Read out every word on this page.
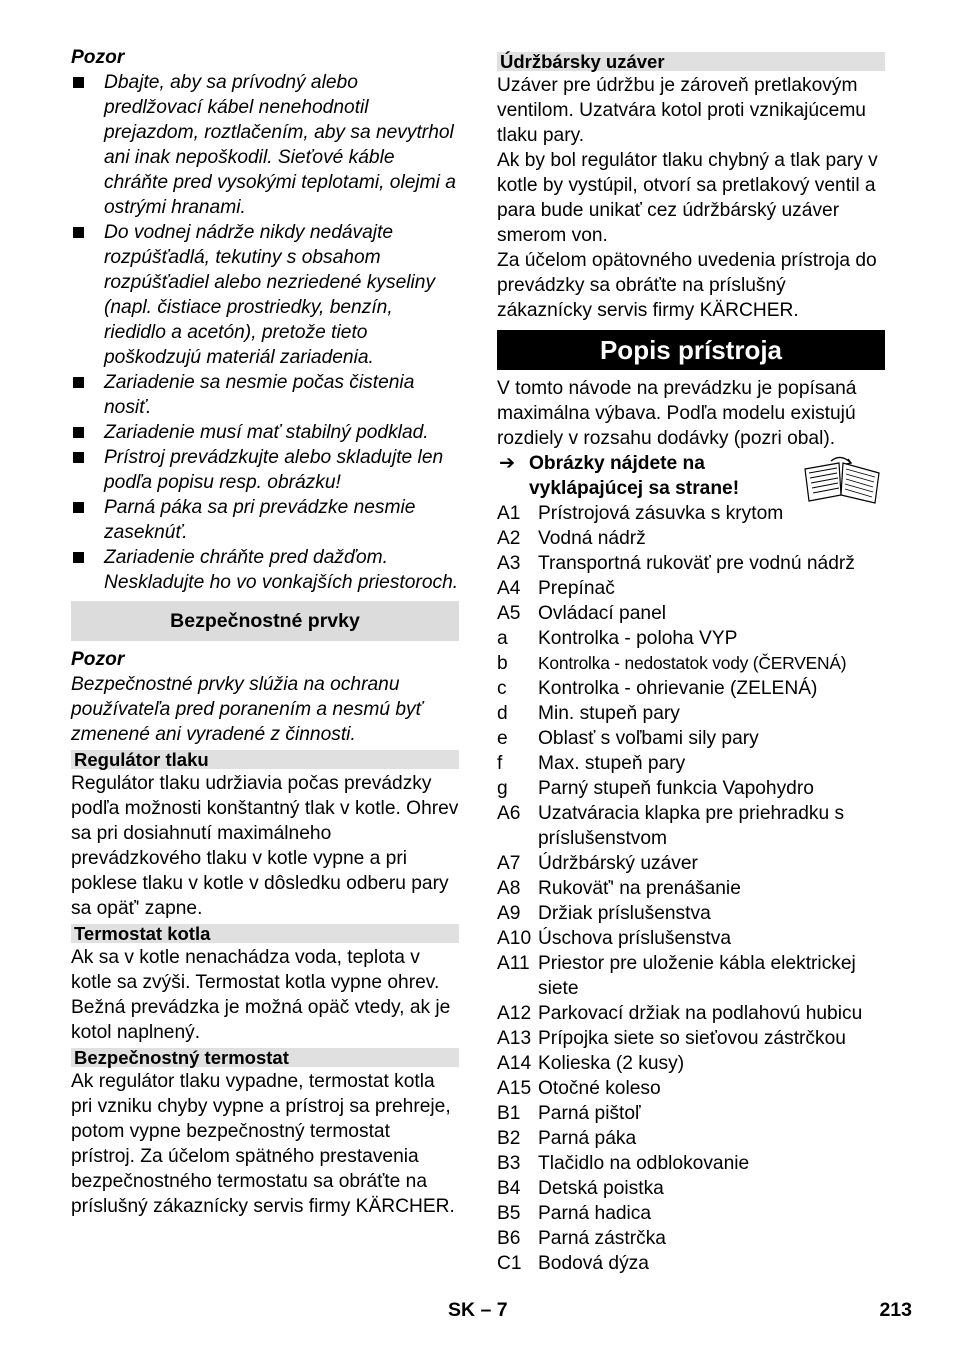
Pozor

Dbajte, aby sa prívodný alebo predlžovací kábel nenehodnotil prejazdom, roztlačením, aby sa nevytrhol ani inak nepoškodil. Sieťové káble chráňte pred vysokými teplotami, olejmi a ostrými hranami.
Do vodnej nádrže nikdy nedávajte rozpúšťadlá, tekutiny s obsahom rozpúšťadiel alebo nezriedené kyseliny (napl. čistiace prostriedky, benzín, riedidlo a acetón), pretože tieto poškodzujú materiál zariadenia.
Zariadenie sa nesmie počas čistenia nosiť.
Zariadenie musí mať stabilný podklad.
Prístroj prevádzkujte alebo skladujte len podľa popisu resp. obrázku!
Parná páka sa pri prevádzke nesmie zaseknúť.
Zariadenie chráňte pred dažďom. Neskladujte ho vo vonkajších priestoroch.
Bezpečnostné prvky

Pozor

Bezpečnostné prvky slúžia na ochranu používateľa pred poranením a nesmú byť zmenené ani vyradené z činnosti.

Regulátor tlaku

Regulátor tlaku udržiavia počas prevádzky podľa možnosti konštantný tlak v kotle. Ohrev sa pri dosiahnutí maximálneho prevádzkového tlaku v kotle vypne a pri poklese tlaku v kotle v dôsledku odberu pary sa opäť' zapne.

Termostat kotla

Ak sa v kotle nenachádza voda, teplota v kotle sa zvýši. Termostat kotla vypne ohrev. Bežná prevádzka je možná opäč vtedy, ak je kotol naplnený.

Bezpečnostný termostat

Ak regulátor tlaku vypadne, termostat kotla pri vzniku chyby vypne a prístroj sa prehreje, potom vypne bezpečnostný termostat prístroj. Za účelom spätného prestavenia bezpečnostného termostatu sa obráťte na príslušný zákaznícky servis firmy KÄRCHER.

Údržbársky uzáver

Uzáver pre údržbu je zároveň pretlakovým ventilom. Uzatvára kotol proti vznikajúcemu tlaku pary.

Ak by bol regulátor tlaku chybný a tlak pary v kotle by vystúpil, otvorí sa pretlakový ventil a para bude unikať cez údržbárský uzáver smerom von.

Za účelom opätovného uvedenia prístroja do prevádzky sa obráťte na príslušný zákaznícky servis firmy KÄRCHER.

Popis prístroja

V tomto návode na prevádzku je popísaná maximálna výbava. Podľa modelu existujú rozdiely v rozsahu dodávky (pozri obal).

➔ Obrázky nájdete na vyklápajúcej sa strane!
A1 Prístrojová zásuvka s krytom
A2 Vodná nádrž
A3 Transportná rukoväť pre vodnú nádrž
A4 Prepínač
A5 Ovládací panel
a Kontrolka - poloha VYP
b Kontrolka - nedostatok vody (ČERVENÁ)
c Kontrolka - ohrievanie (ZELENÁ)
d Min. stupeň pary
e Oblasť s voľbami sily pary
f Max. stupeň pary
g Parný stupeň funkcia Vapohydro
A6 Uzatváracia klapka pre priehradku s príslušenstvom
A7 Údržbárský uzáver
A8 Rukoväť' na prenášanie
A9 Držiak príslušenstva
A10 Úschova príslušenstva
A11 Priestor pre uloženie kábla elektrickej siete
A12 Parkovací držiak na podlahovú hubicu
A13 Prípojka siete so sieťovou zástrčkou
A14 Kolieska (2 kusy)
A15 Otočné koleso
B1 Parná pištoľ
B2 Parná páka
B3 Tlačidlo na odblokovanie
B4 Detská poistka
B5 Parná hadica
B6 Parná zástrčka
C1 Bodová dýza
SK – 7	213
